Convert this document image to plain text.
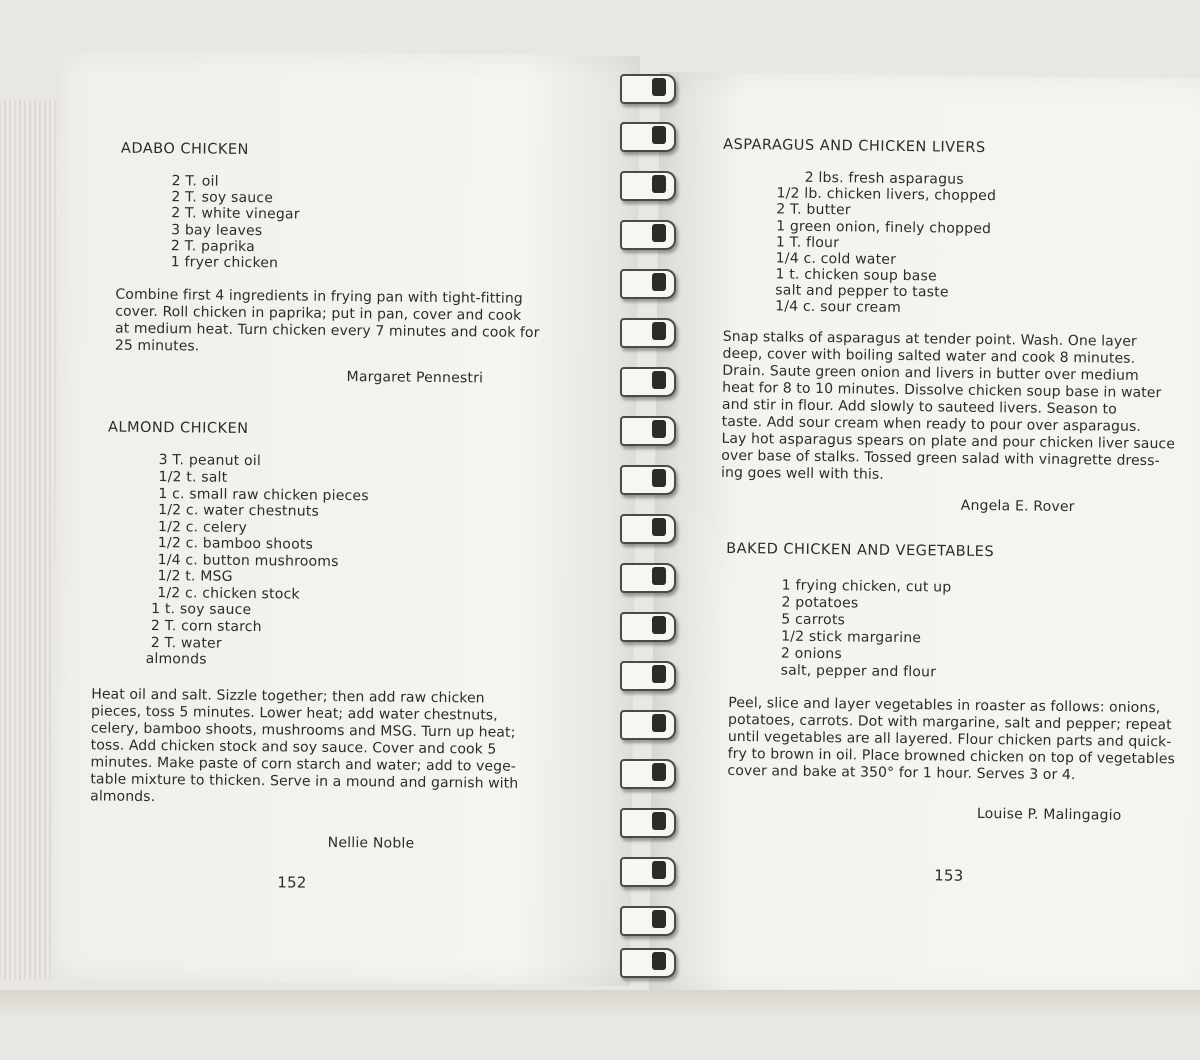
ADABO CHICKEN
2 T. oil
2 T. soy sauce
2 T. white vinegar
3 bay leaves
2 T. paprika
1 fryer chicken
Combine first 4 ingredients in frying pan with tight-fitting
cover. Roll chicken in paprika; put in pan, cover and cook
at medium heat. Turn chicken every 7 minutes and cook for
25 minutes.
Margaret Pennestri
ALMOND CHICKEN
3 T. peanut oil
1/2 t. salt
1 c. small raw chicken pieces
1/2 c. water chestnuts
1/2 c. celery
1/2 c. bamboo shoots
1/4 c. button mushrooms
1/2 t. MSG
1/2 c. chicken stock
1 t. soy sauce
2 T. corn starch
2 T. water
almonds
Heat oil and salt. Sizzle together; then add raw chicken
pieces, toss 5 minutes. Lower heat; add water chestnuts,
celery, bamboo shoots, mushrooms and MSG. Turn up heat;
toss. Add chicken stock and soy sauce. Cover and cook 5
minutes. Make paste of corn starch and water; add to vege-
table mixture to thicken. Serve in a mound and garnish with
almonds.
Nellie Noble
152
ASPARAGUS AND CHICKEN LIVERS
2 lbs. fresh asparagus
1/2 lb. chicken livers, chopped
2 T. butter
1 green onion, finely chopped
1 T. flour
1/4 c. cold water
1 t. chicken soup base
salt and pepper to taste
1/4 c. sour cream
Snap stalks of asparagus at tender point. Wash. One layer
deep, cover with boiling salted water and cook 8 minutes.
Drain. Saute green onion and livers in butter over medium
heat for 8 to 10 minutes. Dissolve chicken soup base in water
and stir in flour. Add slowly to sauteed livers. Season to
taste. Add sour cream when ready to pour over asparagus.
Lay hot asparagus spears on plate and pour chicken liver sauce
over base of stalks. Tossed green salad with vinagrette dress-
ing goes well with this.
Angela E. Rover
BAKED CHICKEN AND VEGETABLES
1 frying chicken, cut up
2 potatoes
5 carrots
1/2 stick margarine
2 onions
salt, pepper and flour
Peel, slice and layer vegetables in roaster as follows: onions,
potatoes, carrots. Dot with margarine, salt and pepper; repeat
until vegetables are all layered. Flour chicken parts and quick-
fry to brown in oil. Place browned chicken on top of vegetables
cover and bake at 350° for 1 hour. Serves 3 or 4.
Louise P. Malingagio
153
